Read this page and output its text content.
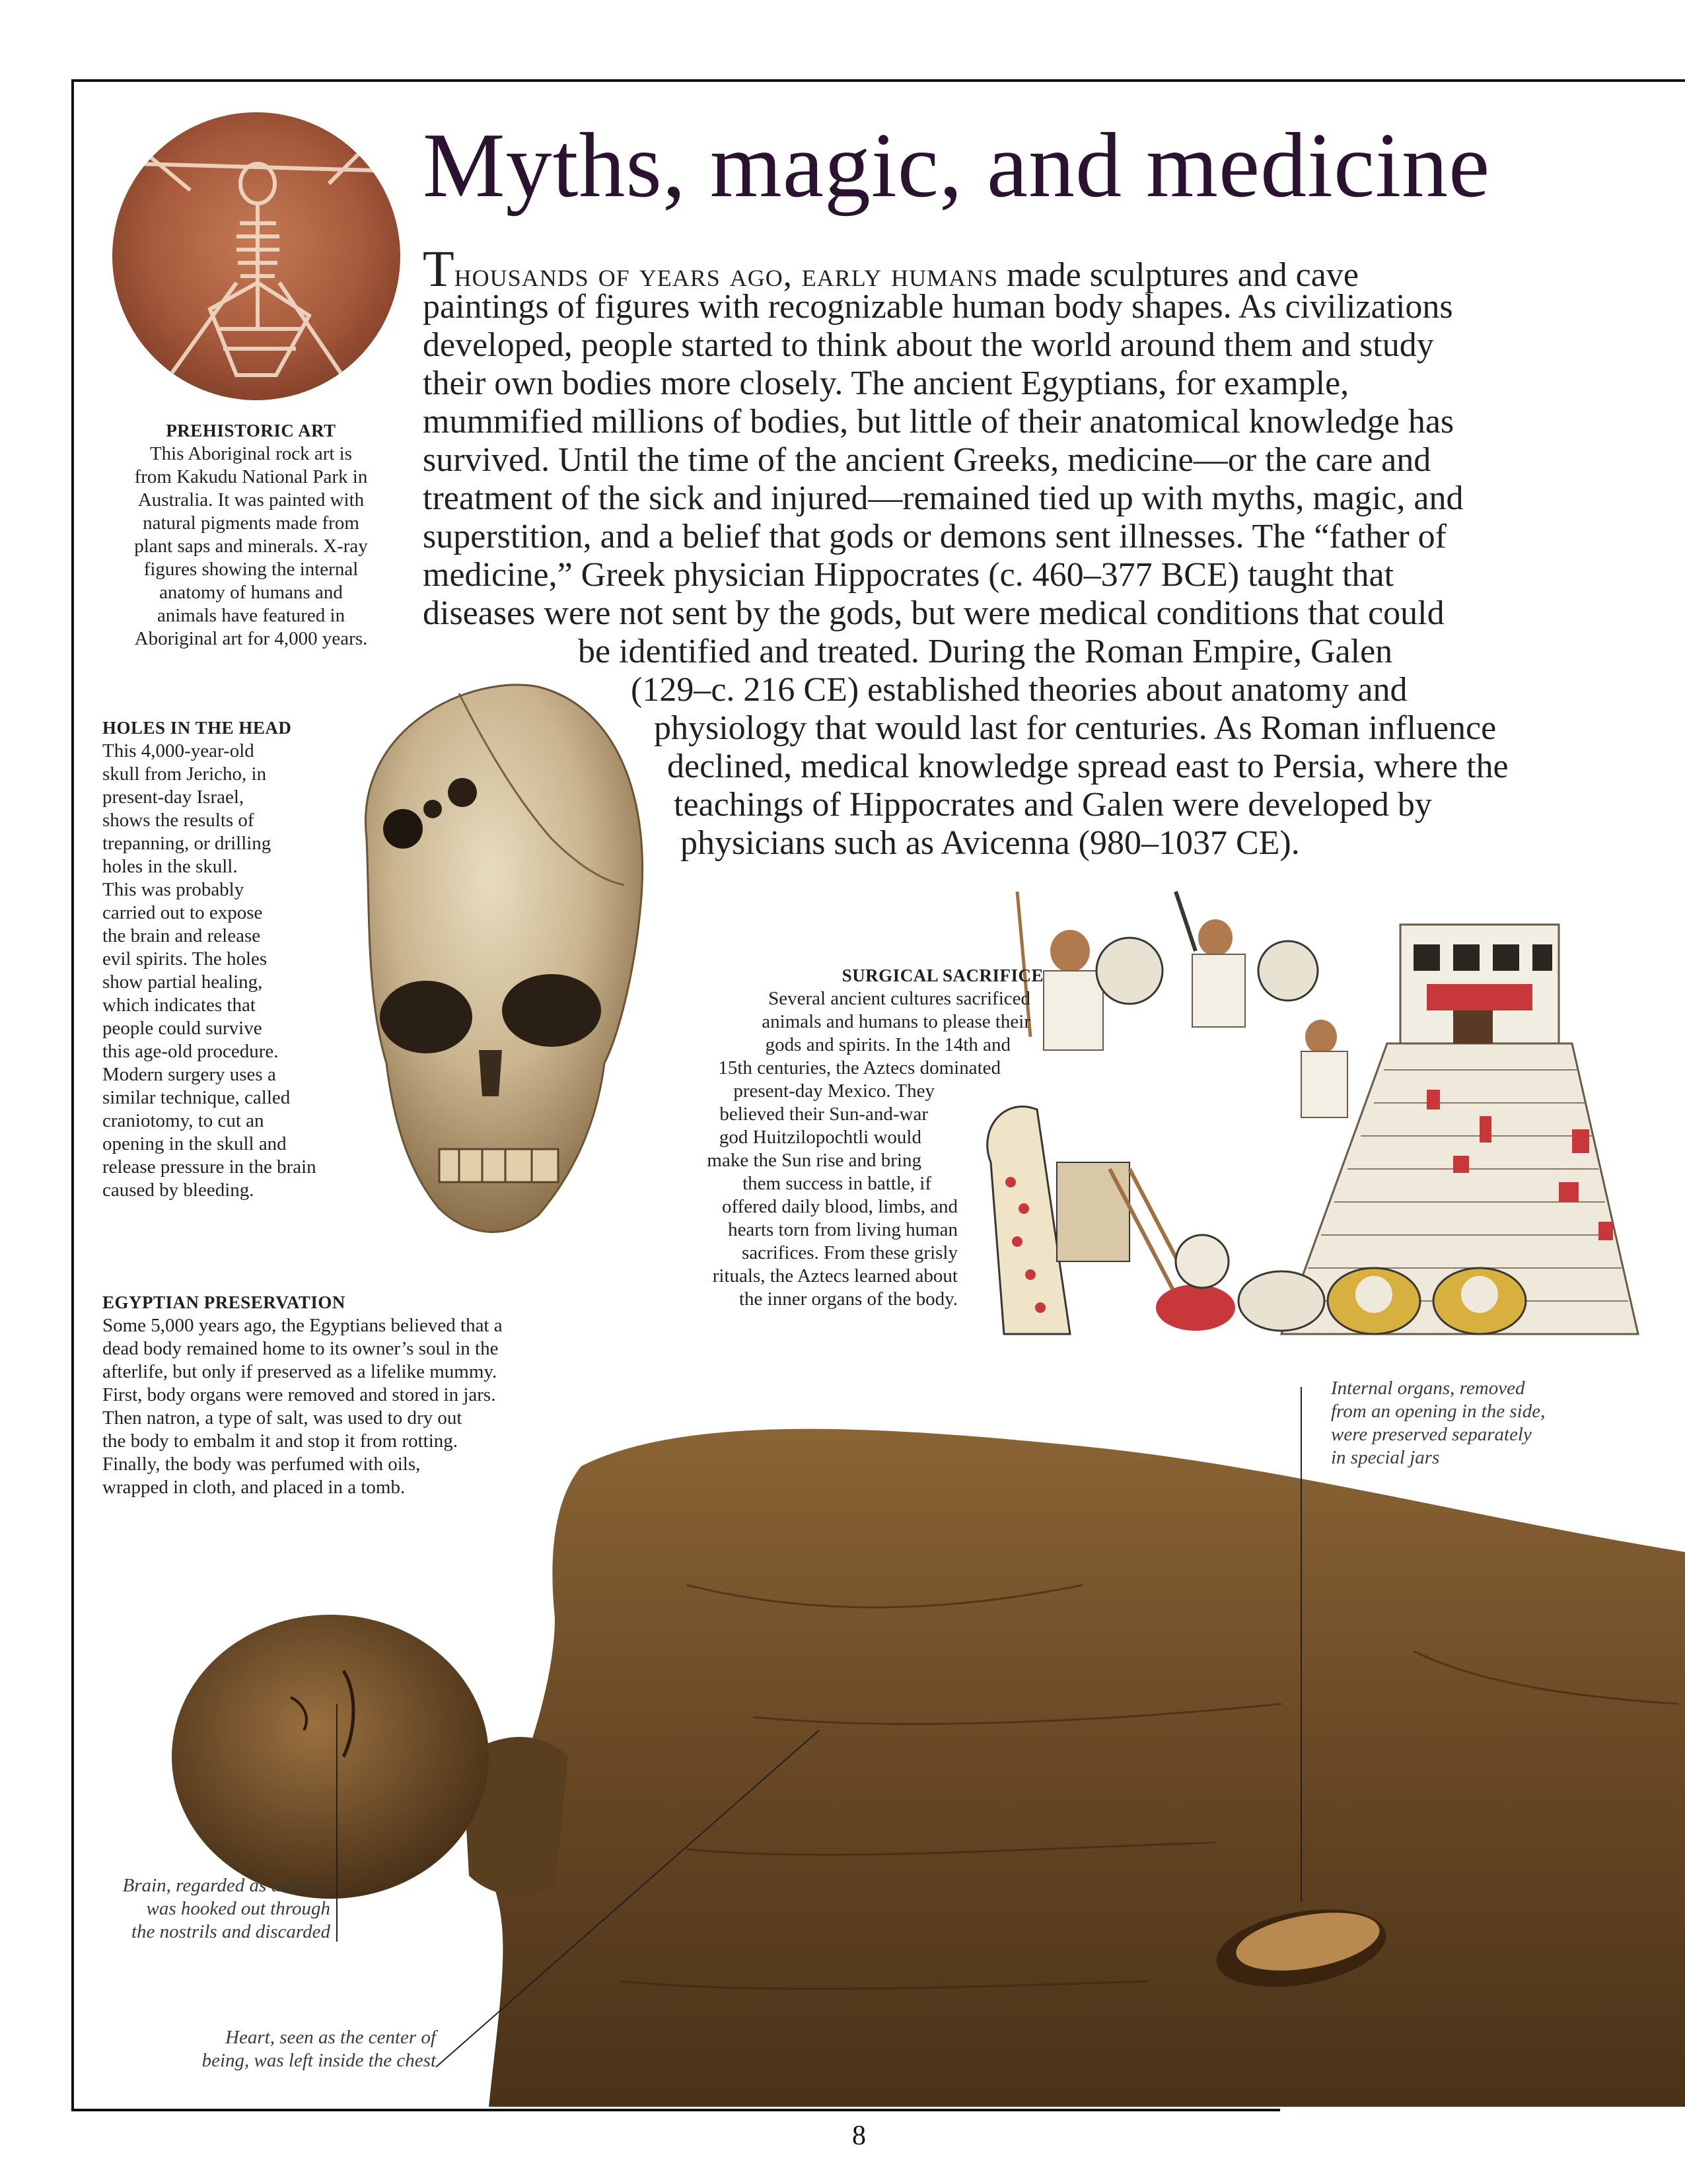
Myths, magic, and medicine
Thousands of years ago, early humans made sculptures and cave
paintings of figures with recognizable human body shapes. As civilizations
developed, people started to think about the world around them and study
their own bodies more closely. The ancient Egyptians, for example,
mummified millions of bodies, but little of their anatomical knowledge has
survived. Until the time of the ancient Greeks, medicine—or the care and
treatment of the sick and injured—remained tied up with myths, magic, and
superstition, and a belief that gods or demons sent illnesses. The “father of
medicine,” Greek physician Hippocrates (c. 460–377 BCE) taught that
diseases were not sent by the gods, but were medical conditions that could
be identified and treated. During the Roman Empire, Galen
(129–c. 216 CE) established theories about anatomy and
physiology that would last for centuries. As Roman influence
declined, medical knowledge spread east to Persia, where the
teachings of Hippocrates and Galen were developed by
physicians such as Avicenna (980–1037 CE).
PREHISTORIC ART
This Aboriginal rock art is
from Kakudu National Park in
Australia. It was painted with
natural pigments made from
plant saps and minerals. X-ray
figures showing the internal
anatomy of humans and
animals have featured in
Aboriginal art for 4,000 years.
HOLES IN THE HEAD
This 4,000-year-old
skull from Jericho, in
present-day Israel,
shows the results of
trepanning, or drilling
holes in the skull.
This was probably
carried out to expose
the brain and release
evil spirits. The holes
show partial healing,
which indicates that
people could survive
this age-old procedure.
Modern surgery uses a
similar technique, called
craniotomy, to cut an
opening in the skull and
release pressure in the brain
caused by bleeding.
SURGICAL SACRIFICE
Several ancient cultures sacrificed
animals and humans to please their
gods and spirits. In the 14th and
15th centuries, the Aztecs dominated
present-day Mexico. They
believed their Sun-and-war
god Huitzilopochtli would
make the Sun rise and bring
them success in battle, if
offered daily blood, limbs, and
hearts torn from living human
sacrifices. From these grisly
rituals, the Aztecs learned about
the inner organs of the body.
EGYPTIAN PRESERVATION
Some 5,000 years ago, the Egyptians believed that a
dead body remained home to its owner’s soul in the
afterlife, but only if preserved as a lifelike mummy.
First, body organs were removed and stored in jars.
Then natron, a type of salt, was used to dry out
the body to embalm it and stop it from rotting.
Finally, the body was perfumed with oils,
wrapped in cloth, and placed in a tomb.
Internal organs, removed
from an opening in the side,
were preserved separately
in special jars
Brain, regarded as useless,
was hooked out through
the nostrils and discarded
Heart, seen as the center of
being, was left inside the chest
8
